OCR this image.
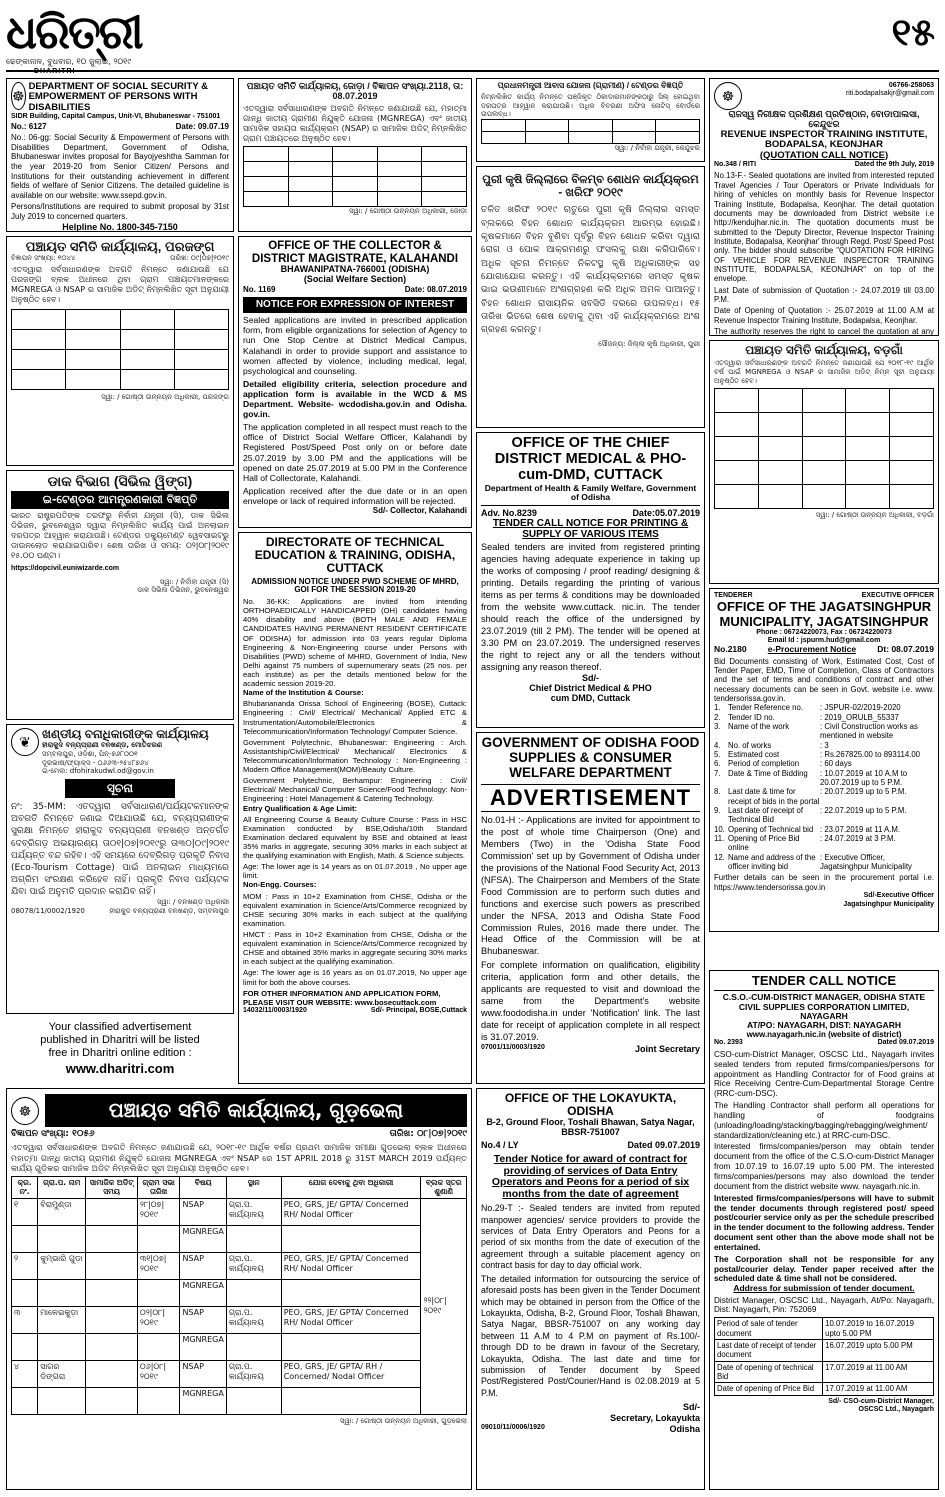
ଧରିତ୍ରୀ
DHARITRI
ଢେଙ୍କାନାଳ, ବୁଧବାର, ୧୦ ଜୁଲାଇ, ୨୦୧୯
୧୫
☸
DEPARTMENT OF SOCIAL SECURITY & EMPOWERMENT OF PERSONS WITH DISABILITIES
SIDR Building, Capital Campus, Unit-VI, Bhubaneswar - 751001
No.: 6127	Date: 09.07.19

No.: 06-gg: Social Security & Empowerment of Persons with Disabilities Department, Government of Odisha, Bhubaneswar invites proposal for Bayojyeshtha Samman for the year 2019-20 from Senior Citizen/ Persons and Institutions for their outstanding achievement in different fields of welfare of Senior Citizens. The detailed guideline is available on our website: www.ssepd.gov.in.

Persons/Institutions are required to submit proposal by 31st July 2019 to concerned quarters.

Helpline No. 1800-345-7150
ପଞ୍ଚାୟତ ସମିତି କାର୍ଯ୍ୟାଳୟ, ପରଜଙ୍ଗ
ବିଜ୍ଞାପନ ସଂଖ୍ୟା: ୧୦୪୪	ତାରିଖ: ୦୯|୦୭|୨୦୧୯

ଏତଦ୍ୱାରା ସର୍ବସାଧାରଣଙ୍କ ଅବଗତି ନିମନ୍ତେ ଜଣାଯାଉଛି ଯେ ପରଜଙ୍ଗ ବ୍ଲକ ଅଧୀନରେ ଥିବା ଗ୍ରାମ ପଞ୍ଚାୟତମାନଙ୍କରେ MGNREGA ଓ NSAP ର ସାମାଜିକ ଅଡିଟ୍ ନିମ୍ନଲିଖିତ ସୂଚୀ ଅନୁଯାୟୀ ଅନୁଷ୍ଠିତ ହେବ।

ସ୍ୱା: / ଗୋଷ୍ଠୀ ଉନ୍ନୟନ ଅଧିକାରୀ, ପରଜଙ୍ଗ
ଡାକ ବିଭାଗ (ସିଭିଲ ୱିଙ୍ଗ)
ଇ-ଟେଣ୍ଡର ଆମନ୍ତ୍ରଣକାରୀ ବିଜ୍ଞପ୍ତି

ଭାରତ ରାଷ୍ଟ୍ରପତିଙ୍କ ତରଫରୁ ନିର୍ବାହୀ ଯନ୍ତ୍ରୀ (ସି), ଡାକ ସିଭିଲ ଡିଭିଜନ, ଭୁବନେଶ୍ୱର ଦ୍ୱାରା ନିମ୍ନଲିଖିତ କାର୍ଯ୍ୟ ପାଇଁ ଅନଲାଇନ ଦରପତ୍ର ଆହ୍ୱାନ କରାଯାଉଛି। ଟେଣ୍ଡର ଡକ୍ୟୁମେଣ୍ଟ ୱେବସାଇଟରୁ ଡାଉନଲୋଡ କରାଯାଇପାରିବ। ଶେଷ ତାରିଖ ଓ ସମୟ: ୦୨|୦୮|୨୦୧୯ ୧୫.୦୦ ଘଣ୍ଟା।

https://dopcivil.euniwizarde.com
ସ୍ୱା: / ନିର୍ବାହୀ ଯନ୍ତ୍ରୀ (ସି)
ଡାକ ସିଭିଲ ଡିଭିଜନ, ଭୁବନେଶ୍ୱର
❦ ଖଣ୍ଡୀୟ ବନାଧିକାରୀଙ୍କ କାର୍ଯ୍ୟାଳୟ
ହୀରାକୁଦ ବନ୍ୟପ୍ରାଣୀ ବନଖଣ୍ଡ, ମୋତିଝରଣ
ସମ୍ବଲପୁର, ଓଡ଼ିଶା, ପିନ୍-୭୬୮୦୦୧
ଦୂରଭାଷ/ଫ୍ୟାକ୍ସ - ୦୬୬୩-୨୫୪୮୭୬୪
ଇ-ମେଲ: dfohirakudwl.od@gov.in
ସୂଚନା

ନଂ: 35-MM: ଏତଦ୍ୱାରା ସର୍ବସାଧାରଣ/ପର୍ଯ୍ୟଟକମାନଙ୍କ ଅବଗତି ନିମନ୍ତେ ଜଣାଇ ଦିଆଯାଉଛି ଯେ, ବନ୍ୟପ୍ରାଣୀଙ୍କ ସୁରକ୍ଷା ନିମନ୍ତେ ହୀରାକୁଦ ବନ୍ୟପ୍ରାଣୀ ବନଖଣ୍ଡ ଅନ୍ତର୍ଗତ ଦେବ୍ରିଗଡ଼ ଅଭୟାରଣ୍ୟ ତା୦୧|୦୭|୨୦୧୯ରୁ ତା୩୦|୦୯|୨୦୧୯ ପର୍ଯ୍ୟନ୍ତ ବନ୍ଦ ରହିବ। ଏହି ସମୟରେ ଦେବ୍ରିଗଡ଼ ପ୍ରକୃତି ନିବାସ (Eco-Tourism Cottage) ପାଇଁ ଅନଲାଇନ ମାଧ୍ୟମରେ ଅଗ୍ରିମ ସଂରକ୍ଷଣ କରିହେବ ନାହିଁ। ପ୍ରକୃତି ନିବାସ ପର୍ଯ୍ୟଟକ ଯିବା ପାଇଁ ଅନୁମତି ପ୍ରଦାନ କରାଯିବ ନାହିଁ।

ସ୍ୱା: / ବନଖଣ୍ଡ ଅଧିକାରୀ
08078/11/0002/1920	ହୀରାକୁଦ ବନ୍ୟପ୍ରାଣୀ ବନଖଣ୍ଡ, ସମ୍ବଲପୁର
Your classified advertisement
published in Dharitri will be listed
free in Dharitri online edition :
www.dharitri.com
ପଞ୍ଚାୟତ ସମିତି କାର୍ଯ୍ୟାଳୟ, ଜୋଡ଼ା / ବିଜ୍ଞାପନ ସଂଖ୍ୟା.2118, ତା: 08.07.2019

ଏତଦ୍ୱାରା ସର୍ବସାଧାରଣଙ୍କ ଅବଗତି ନିମନ୍ତେ ଜଣାଯାଉଛି ଯେ, ମହାତ୍ମା ଗାନ୍ଧି ଜାତୀୟ ଗ୍ରାମୀଣ ନିଯୁକ୍ତି ଯୋଜନା (MGNREGA) ଏବଂ ଜାତୀୟ ସାମାଜିକ ସହାୟତା କାର୍ଯ୍ୟକ୍ରମ (NSAP) ର ସାମାଜିକ ଅଡିଟ୍ ନିମ୍ନଲିଖିତ ଗ୍ରାମ ପଞ୍ଚାୟତରେ ଅନୁଷ୍ଠିତ ହେବ।

ସ୍ୱା: / ଗୋଷ୍ଠୀ ଉନ୍ନୟନ ଅଧିକାରୀ, ଜୋଡ଼ା
OFFICE OF THE COLLECTOR & DISTRICT MAGISTRATE, KALAHANDI
BHAWANIPATNA-766001 (ODISHA)
(Social Welfare Section)
No. 1169	Date: 08.07.2019
NOTICE FOR EXPRESSION OF INTEREST

Sealed applications are invited in prescribed application form, from eligible organizations for selection of Agency to run One Stop Centre at District Medical Campus, Kalahandi in order to provide support and assistance to women affected by violence, including medical, legal, psychological and counseling.

Detailed eligibility criteria, selection procedure and application form is available in the WCD & MS Department. Website- wcdodisha.gov.in and Odisha. gov.in.

The application completed in all respect must reach to the office of District Social Welfare Officer, Kalahandi by Registered Post/Speed Post only on or before date 25.07.2019 by 3.00 PM and the applications will be opened on date 25.07.2019 at 5.00 PM in the Conference Hall of Collectorate, Kalahandi.

Application received after the due date or in an open envelope or lack of required information will be rejected.

Sd/- Collector, Kalahandi
DIRECTORATE OF TECHNICAL EDUCATION & TRAINING, ODISHA, CUTTACK
ADMISSION NOTICE UNDER PWD SCHEME OF MHRD, GOI FOR THE SESSION 2019-20

No. 36-KK: Applications are invited from intending ORTHOPAEDICALLY HANDICAPPED (OH) candidates having 40% disability and above (BOTH MALE AND FEMALE CANDIDATES HAVING PERMANENT RESIDENT CERTIFICATE OF ODISHA) for admission into 03 years regular Diploma Engineering & Non-Engineering course under Persons with Disabilities (PWD) scheme of MHRD, Government of India, New Delhi against 75 numbers of supernumerary seats (25 nos. per each institute) as per the details mentioned below for the academic session 2019-20.

Name of the Institution & Course:

Bhubanananda Orissa School of Engineering (BOSE), Cuttack: Engineering : Civil/ Electrical/ Mechanical/ Applied ETC & Instrumentation/Automobile/Electronics & Telecommunication/Information Technology/ Computer Science.

Government Polytechnic, Bhubaneswar: Engineering : Arch. Assistantship/Civil/Electrical/ Mechanical/ Electronics & Telecommunication/Information Technology : Non-Engineering : Modern Office Management(MOM)/Beauty Culture.

Government Polytechnic, Berhampur: Engineering : Civil/ Electrical/ Mechanical/ Computer Science/Food Technology: Non-Engineering : Hotel Management & Catering Technology.

Entry Qualification & Age Limit:

All Engineering Course & Beauty Culture Course : Pass in HSC Examination conducted by BSE,Odisha/10th Standard Examination declared equivalent by BSE and obtained at least 35% marks in aggregate, securing 30% marks in each subject at the qualifying examination with English, Math. & Science subjects.

Age: The lower age is 14 years as on 01.07.2019 , No upper age limit.

Non-Engg. Courses:

MOM : Pass in 10+2 Examination from CHSE, Odisha or the equivalent examination in Science/Arts/Commerce recognized by CHSE securing 30% marks in each subject at the qualifying examination.

HMCT : Pass in 10+2 Examination from CHSE, Odisha or the equivalent examination in Science/Arts/Commerce recognized by CHSE and obtained 35% marks in aggregate securing 30% marks in each subject at the qualifying examination.

Age: The lower age is 16 years as on 01.07.2019, No upper age limit for both the above courses.

FOR OTHER INFORMATION AND APPLICATION FORM, PLEASE VISIT OUR WEBSITE: www.bosecuttack.com
14032/11/0003/1920	Sd/- Principal, BOSE,Cuttack
ପ୍ରଧାନମନ୍ତ୍ରୀ ଆବାସ ଯୋଜନା (ଗ୍ରାମୀଣ) / ଟେଣ୍ଡର ବିଜ୍ଞପ୍ତି

ନିମ୍ନଲିଖିତ କାର୍ଯ୍ୟ ନିମନ୍ତେ ପଞ୍ଜିକୃତ ଠିକାଦାରମାନଙ୍କଠାରୁ ସିଲ୍ ହୋଇଥିବା ଦରପତ୍ର ଆହ୍ୱାନ କରାଯାଉଛି। ଅଧିକ ବିବରଣୀ ଅଫିସ ନୋଟିସ୍ ବୋର୍ଡରେ ଉପଲବ୍ଧ।

ସ୍ୱା: / ନିର୍ବାହୀ ଯନ୍ତ୍ରୀ, କେନ୍ଦୁଝର
ପୁରୀ କୃଷି ଜିଲ୍ଲାରେ ବିଳମ୍ବ ଶୋଧନ କାର୍ଯ୍ୟକ୍ରମ - ଖରିଫ ୨୦୧୯

ଚଳିତ ଖରିଫ ୨୦୧୯ ଋତୁରେ ପୁରୀ କୃଷି ଜିଲ୍ଲାର ସମସ୍ତ ବ୍ଲକରେ ବିହନ ଶୋଧନ କାର୍ଯ୍ୟକ୍ରମ ଆରମ୍ଭ ହୋଇଛି। କୃଷକମାନେ ବିହନ ବୁଣିବା ପୂର୍ବରୁ ବିହନ ଶୋଧନ କରିବା ଦ୍ୱାରା ରୋଗ ଓ ପୋକ ଆକ୍ରମଣରୁ ଫସଲକୁ ରକ୍ଷା କରିପାରିବେ। ଅଧିକ ସୂଚନା ନିମନ୍ତେ ନିକଟସ୍ଥ କୃଷି ଅଧିକାରୀଙ୍କ ସହ ଯୋଗାଯୋଗ କରନ୍ତୁ। ଏହି କାର୍ଯ୍ୟକ୍ରମରେ ସମସ୍ତ କୃଷକ ଭାଇ ଭଉଣୀମାନେ ଅଂଶଗ୍ରହଣ କରି ଅଧିକ ଅମଳ ପାଆନ୍ତୁ। ବିହନ ଶୋଧନ ରାସାୟନିକ ସବସିଡି ଦରରେ ଉପଲବ୍ଧ। ୧୫ ତାରିଖ ଭିତରେ ଶେଷ ହେବାକୁ ଥିବା ଏହି କାର୍ଯ୍ୟକ୍ରମରେ ଅଂଶ ଗ୍ରହଣ କରନ୍ତୁ।

ସୌଜନ୍ୟ: ଜିଲ୍ଲା କୃଷି ଅଧିକାରୀ, ପୁରୀ
OFFICE OF THE CHIEF DISTRICT MEDICAL & PHO-cum-DMD, CUTTACK
Department of Health & Family Welfare, Government of Odisha
Adv. No.8239	Date:05.07.2019
TENDER CALL NOTICE FOR PRINTING & SUPPLY OF VARIOUS ITEMS

Sealed tenders are invited from registered printing agencies having adequate experience in taking up the works of composing / proof reading/ designing & printing. Details regarding the printing of various items as per terms & conditions may be downloaded from the website www.cuttack. nic.in. The tender should reach the office of the undersigned by 23.07.2019 (till 2 PM). The tender will be opened at 3.30 PM on 23.07.2019. The undersigned reserves the right to reject any or all the tenders without assigning any reason thereof.

Sd/-
Chief District Medical & PHO
cum DMD, Cuttack
GOVERNMENT OF ODISHA FOOD SUPPLIES & CONSUMER WELFARE DEPARTMENT
ADVERTISEMENT

No.01-H :- Applications are invited for appointment to the post of whole time Chairperson (One) and Members (Two) in the 'Odisha State Food Commission' set up by Government of Odisha under the provisions of the National Food Security Act, 2013 (NFSA). The Chairperson and Members of the State Food Commission are to perform such duties and functions and exercise such powers as prescribed under the NFSA, 2013 and Odisha State Food Commission Rules, 2016 made there under. The Head Office of the Commission will be at Bhubaneswar.

For complete information on qualification, eligibility criteria, application form and other details, the applicants are requested to visit and download the same from the Department's website www.foododisha.in under 'Notification' link. The last date for receipt of application complete in all respect is 31.07.2019.

07001/11/0003/1920	Joint Secretary
☸
06766-258063
riti.bodapalsakjr@gmail.com
ରାଜସ୍ୱ ନିରୀକ୍ଷକ ପ୍ରଶିକ୍ଷଣ ପ୍ରତିଷ୍ଠାନ, ବୋଡାପାଲସା, କେନ୍ଦୁଝର
REVENUE INSPECTOR TRAINING INSTITUTE, BODAPALSA, KEONJHAR
(QUOTATION CALL NOTICE)
No.348 / RITI	Dated the 9th July, 2019

No.13-F.- Sealed quotations are invited from interested reputed Travel Agencies / Tour Operators or Private Individuals for hiring of vehicles on monthly basis for Revenue Inspector Training Institute, Bodapalsa, Keonjhar. The detail quotation documents may be downloaded from District website i.e http://kendujhar.nic.in. The quotation documents must be submitted to the 'Deputy Director, Revenue Inspector Training Institute, Bodapalsa, Keonjhar' through Regd. Post/ Speed Post only. The bidder should subscribe "QUOTATION FOR HIRING OF VEHICLE FOR REVENUE INSPECTOR TRAINING INSTITUTE, BODAPALSA, KEONJHAR" on top of the envelope.

Last Date of submission of Quotation :- 24.07.2019 till 03.00 P.M.

Date of Opening of Quotation :- 25.07.2019 at 11.00 A.M at Revenue Inspector Training Institute, Bodapalsa, Keonjhar.

The authority reserves the right to cancel the quotation at any

ପଞ୍ଚାୟତ ସମିତି କାର୍ଯ୍ୟାଳୟ, ବଡ଼ଗାଁ

ଏତଦ୍ୱାରା ସର୍ବସାଧାରଣଙ୍କ ଅବଗତି ନିମନ୍ତେ ଜଣାଯାଉଛି ଯେ ୨୦୧୮-୧୯ ଆର୍ଥିକ ବର୍ଷ ପାଇଁ MGNREGA ଓ NSAP ର ସାମାଜିକ ଅଡିଟ୍ ନିମ୍ନ ସୂଚୀ ଅନୁଯାୟୀ ଅନୁଷ୍ଠିତ ହେବ।

ସ୍ୱା: / ଗୋଷ୍ଠୀ ଉନ୍ନୟନ ଅଧିକାରୀ, ବଡ଼ଗାଁ
TENDERER	EXECUTIVE OFFICER
OFFICE OF THE JAGATSINGHPUR MUNICIPALITY, JAGATSINGHPUR
Phone : 06724220073, Fax : 06724220073
Email Id : jspurm.hud@gmail.com
No.2180 e-Procurement Notice Dt: 08.07.2019

Bid Documents consisting of Work, Estimated Cost, Cost of Tender Paper, EMD, Time of Completion, Class of Contractors and the set of terms and conditions of contract and other necessary documents can be seen in Govt. website i.e. www. tendersorissa.gov.in.

1. Tender Reference no.	: JSPUR-02/2019-2020
2. Tender ID no.	: 2019_ORULB_55337
3. Name of the work	: Civil Construction works as mentioned in website
4. No. of works	: 3
5. Estimated cost	: Rs.267825.00 to 893114.00
6. Period of completion	: 60 days
7. Date & Time of Bidding	: 10.07.2019 at 10 A.M to 20.07.2019 up to 5 P.M.
8. Last date & time for receipt of bids in the portal
: 20.07.2019 up to 5 P.M.
9. Last date of receipt of Technical Bid
: 22.07.2019 up to 5 P.M.
10. Opening of Technical bid : 23.07.2019 at 11 A.M.
11. Opening of Price Bid online
: 24.07.2019 at 3 P.M.
12. Name and address of the officer inviting bid
: Executive Officer, Jagatsinghpur Municipality

Further details can be seen in the procurement portal i.e. https://www.tendersorissa.gov.in

Sd/-Executive Officer
Jagatsinghpur Municipality
TENDER CALL NOTICE
C.S.O.-CUM-DISTRICT MANAGER, ODISHA STATE CIVIL SUPPLIES CORPORATION LIMITED, NAYAGARH
AT/PO: NAYAGARH, DIST: NAYAGARH
www.nayagarh.nic.in (website of district)
No. 2393	Dated 09.07.2019

CSO-cum-District Manager, OSCSC Ltd., Nayagarh invites sealed tenders from reputed firms/companies/persons for appointment as Handling Contractor for of Food grains at Rice Receiving Centre-Cum-Departmental Storage Centre (RRC-cum-DSC).

The Handling Contractor shall perform all operations for handling of foodgrains (unloading/loading/stacking/bagging/rebagging/weighment/ standardization/cleaning etc.) at RRC-cum-DSC.

Interested firms/companies/person may obtain tender document from the office of the C.S.O-cum-District Manager from 10.07.19 to 16.07.19 upto 5.00 PM. The interested firms/companies/persons may also download the tender document from the district website www. nayagarh.nic.in.

Interested firms/companies/persons will have to submit the tender documents through registered post/ speed post/courier service only as per the schedule prescribed in the tender document to the following address. Tender document sent other than the above mode shall not be entertained.

The Corporation shall not be responsible for any postal/courier delay. Tender paper received after the scheduled date & time shall not be considered.

Address for submission of tender document.

District Manager, OSCSC Ltd., Nayagarh, At/Po: Nayagarh, Dist: Nayagarh, Pin: 752069

Period of sale of tender document	10.07.2019 to 16.07.2019 upto 5.00 PM
Last date of receipt of tender document	16.07.2019 upto 5.00 PM
Date of opening of technical Bid	17.07.2019 at 11.00 AM
Date of opening of Price Bid	17.07.2019 at 11.00 AM
Sd/- CSO-cum-District Manager,
OSCSC Ltd., Nayagarh
☸	ପଞ୍ଚାୟତ ସମିତି କାର୍ଯ୍ୟାଳୟ, ଗୁଡ଼ଭେଲା
ବିଜ୍ଞାପନ ସଂଖ୍ୟା: ୧୦୫୬	ତାରିଖ: ୦୮|୦୭|୨୦୧୯

ଏତଦ୍ୱାରା ସର୍ବସାଧାରଣଙ୍କ ଅବଗତି ନିମନ୍ତେ ଜଣାଯାଉଛି ଯେ, ୨୦୧୮-୧୯ ଆର୍ଥିକ ବର୍ଷର ପ୍ରଥମ ସାମାଜିକ ସମୀକ୍ଷା ଗୁଡ଼ଭେଲା ବ୍ଲକ ଅଧୀନରେ ମହାତ୍ମା ଗାନ୍ଧି ଜାତୀୟ ଗ୍ରାମୀଣ ନିଯୁକ୍ତି ଯୋଜନା MGNREGA ଏବଂ NSAP ରେ 1ST APRIL 2018 ରୁ 31ST MARCH 2019 ପର୍ଯ୍ୟନ୍ତ କାର୍ଯ୍ୟ ଗୁଡ଼ିକର ସାମାଜିକ ଅଡିଟ ନିମ୍ନଲିଖିତ ସୂଚୀ ଅନୁଯାୟୀ ଅନୁଷ୍ଠିତ ହେବ।

କ୍ର. ନଂ.	ଗ୍ରା.ପ. ନାମ	ସାମାଜିକ ଅଡିଟ୍ ସମୟ	ଗ୍ରାମ ସଭା ତାରିଖ	ବିଷୟ	ସ୍ଥାନ	ଯୋଗ ଦେବାକୁ ଥିବା ଅଧିକାରୀ	ବ୍ଲକ ସ୍ତର ଶୁଣାଣି
୧	ବିରାମୁଣ୍ଡା		୨୮|୦୭|୨୦୧୯	NSAP	ଗ୍ରା.ପ. କାର୍ଯ୍ୟାଳୟ	PEO, GRS, JE/ GPTA/ Concerned RH/ Nodal Officer	୨୨|୦୮|୨୦୧୯
				MGNREGA			
୨	କୁମ୍ଭାରି ଗୁଡ଼ା		୩୧|୦୭|୨୦୧୯	NSAP	ଗ୍ରା.ପ. କାର୍ଯ୍ୟାଳୟ	PEO, GRS, JE/ GPTA/ Concerned RH/ Nodal Officer	
				MGNREGA			
୩	ମାଳେଇକୁଡ଼ା		୦୨|୦୮|୨୦୧୯	NSAP	ଗ୍ରା.ପ. କାର୍ଯ୍ୟାଳୟ	PEO, GRS, JE/ GPTA/ Concerned RH/ Nodal Officer	
				MGNREGA			
୪	ସାଗର ଡିଙ୍ଗରା		୦୬|୦୮|୨୦୧୯	NSAP	ଗ୍ରା.ପ. କାର୍ଯ୍ୟାଳୟ	PEO, GRS, JE/ GPTA/ RH / Concerned/ Nodal Officer	
				MGNREGA			
ସ୍ୱା: / ଗୋଷ୍ଠୀ ଉନ୍ନୟନ ଅଧିକାରୀ, ଗୁଡ଼ଭେଲା
OFFICE OF THE LOKAYUKTA, ODISHA
B-2, Ground Floor, Toshali Bhawan, Satya Nagar, BBSR-751007
No.4 / LY	Dated 09.07.2019
Tender Notice for award of contract for providing of services of Data Entry Operators and Peons for a period of six months from the date of agreement

No.29-T :- Sealed tenders are invited from reputed manpower agencies/ service providers to provide the services of Data Entry Operators and Peons for a period of six months from the date of execution of the agreement through a suitable placement agency on contract basis for day to day official work.

The detailed information for outsourcing the service of aforesaid posts has been given in the Tender Document which may be obtained in person from the Office of the Lokayukta, Odisha, B-2, Ground Floor, Toshali Bhawan, Satya Nagar, BBSR-751007 on any working day between 11 A.M to 4 P.M on payment of Rs.100/- through DD to be drawn in favour of the Secretary, Lokayukta, Odisha. The last date and time for submission of Tender document by Speed Post/Registered Post/Courier/Hand is 02.08.2019 at 5 P.M.

Sd/-
Secretary, Lokayukta
09010/11/0006/1920	Odisha
